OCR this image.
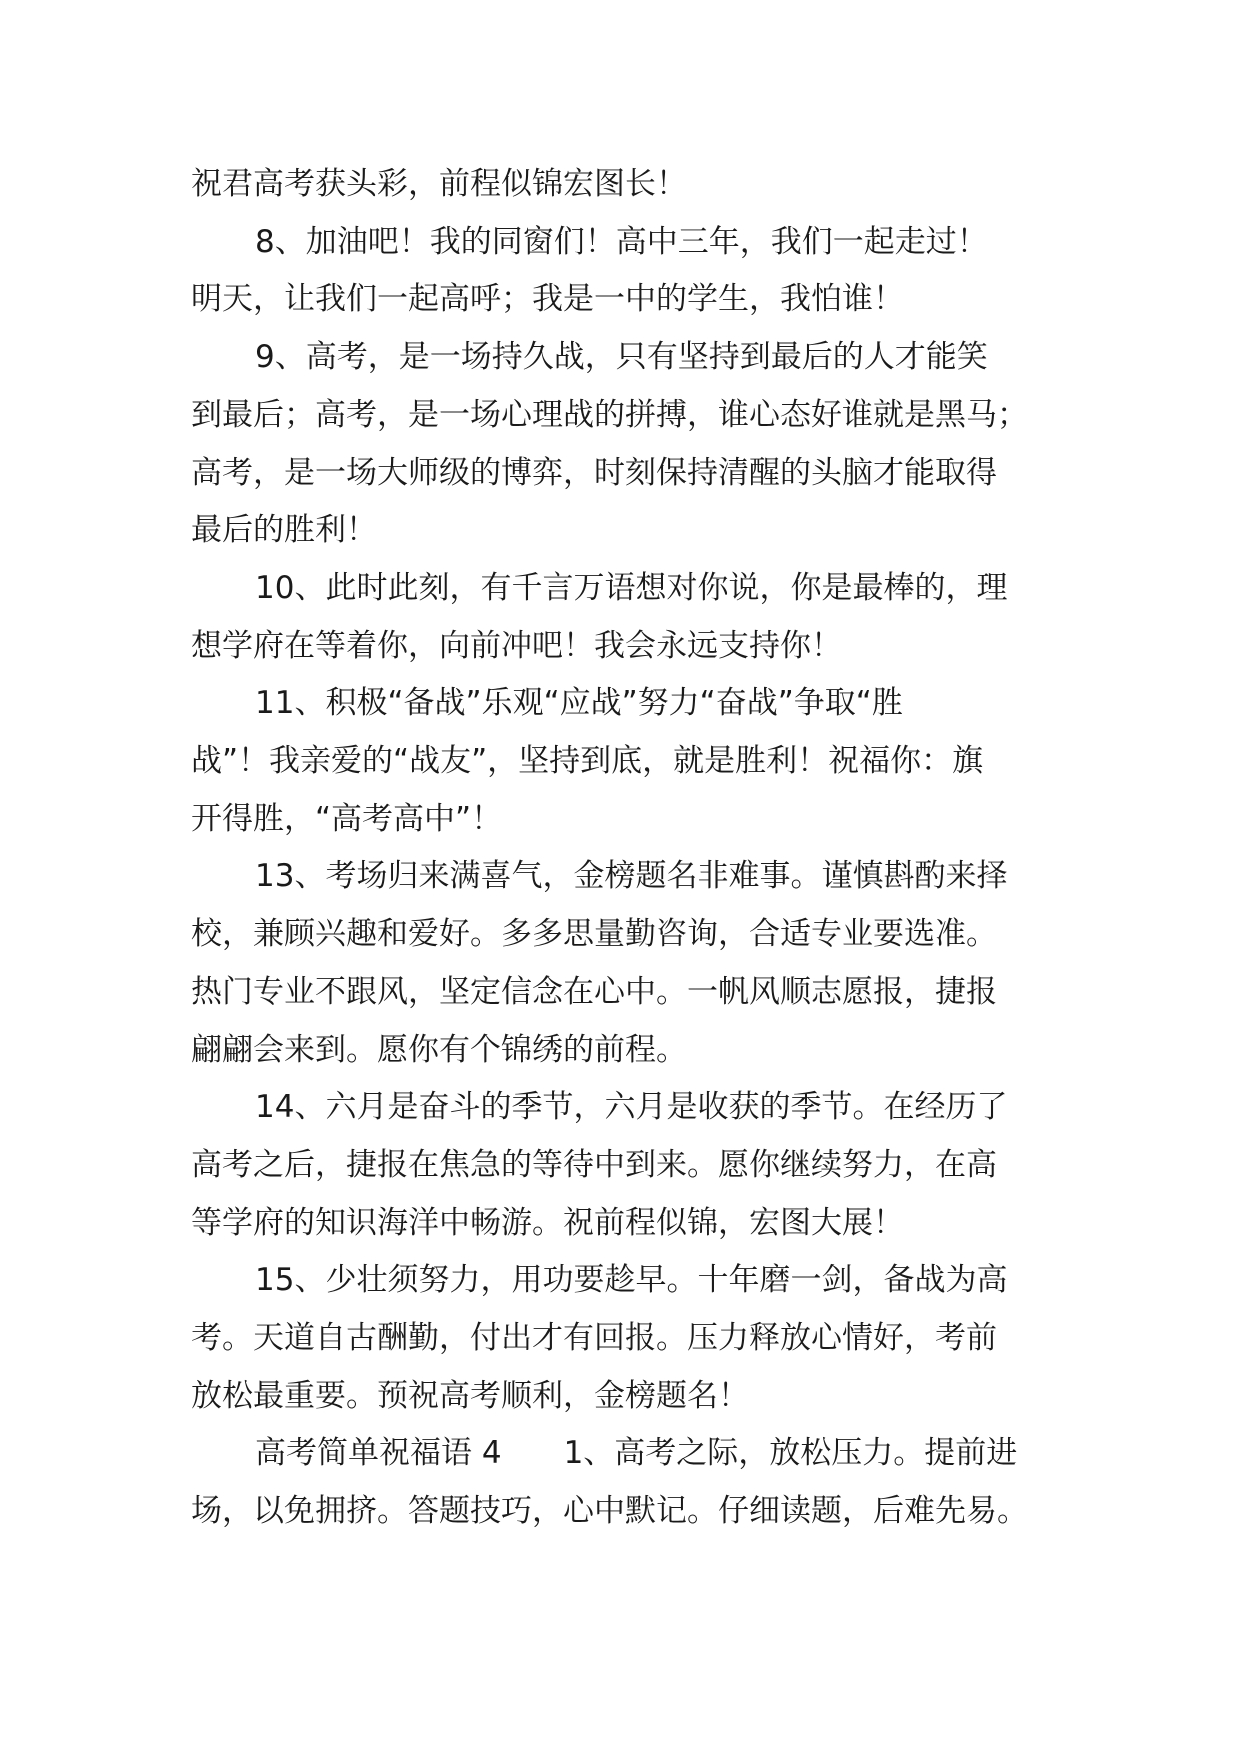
祝君高考获头彩，前程似锦宏图长！
8、加油吧！我的同窗们！高中三年，我们一起走过！
明天，让我们一起高呼；我是一中的学生，我怕谁！
9、高考，是一场持久战，只有坚持到最后的人才能笑
到最后；高考，是一场心理战的拼搏，谁心态好谁就是黑马；
高考，是一场大师级的博弈，时刻保持清醒的头脑才能取得
最后的胜利！
10、此时此刻，有千言万语想对你说，你是最棒的，理
想学府在等着你，向前冲吧！我会永远支持你！
11、积极“备战”乐观“应战”努力“奋战”争取“胜
战”！我亲爱的“战友”，坚持到底，就是胜利！祝福你：旗
开得胜，“高考高中”！
13、考场归来满喜气，金榜题名非难事。谨慎斟酌来择
校，兼顾兴趣和爱好。多多思量勤咨询，合适专业要选准。
热门专业不跟风，坚定信念在心中。一帆风顺志愿报，捷报
翩翩会来到。愿你有个锦绣的前程。
14、六月是奋斗的季节，六月是收获的季节。在经历了
高考之后，捷报在焦急的等待中到来。愿你继续努力，在高
等学府的知识海洋中畅游。祝前程似锦，宏图大展！
15、少壮须努力，用功要趁早。十年磨一剑，备战为高
考。天道自古酬勤，付出才有回报。压力释放心情好，考前
放松最重要。预祝高考顺利，金榜题名！
高考简单祝福语 4　　1、高考之际，放松压力。提前进
场，以免拥挤。答题技巧，心中默记。仔细读题，后难先易。
